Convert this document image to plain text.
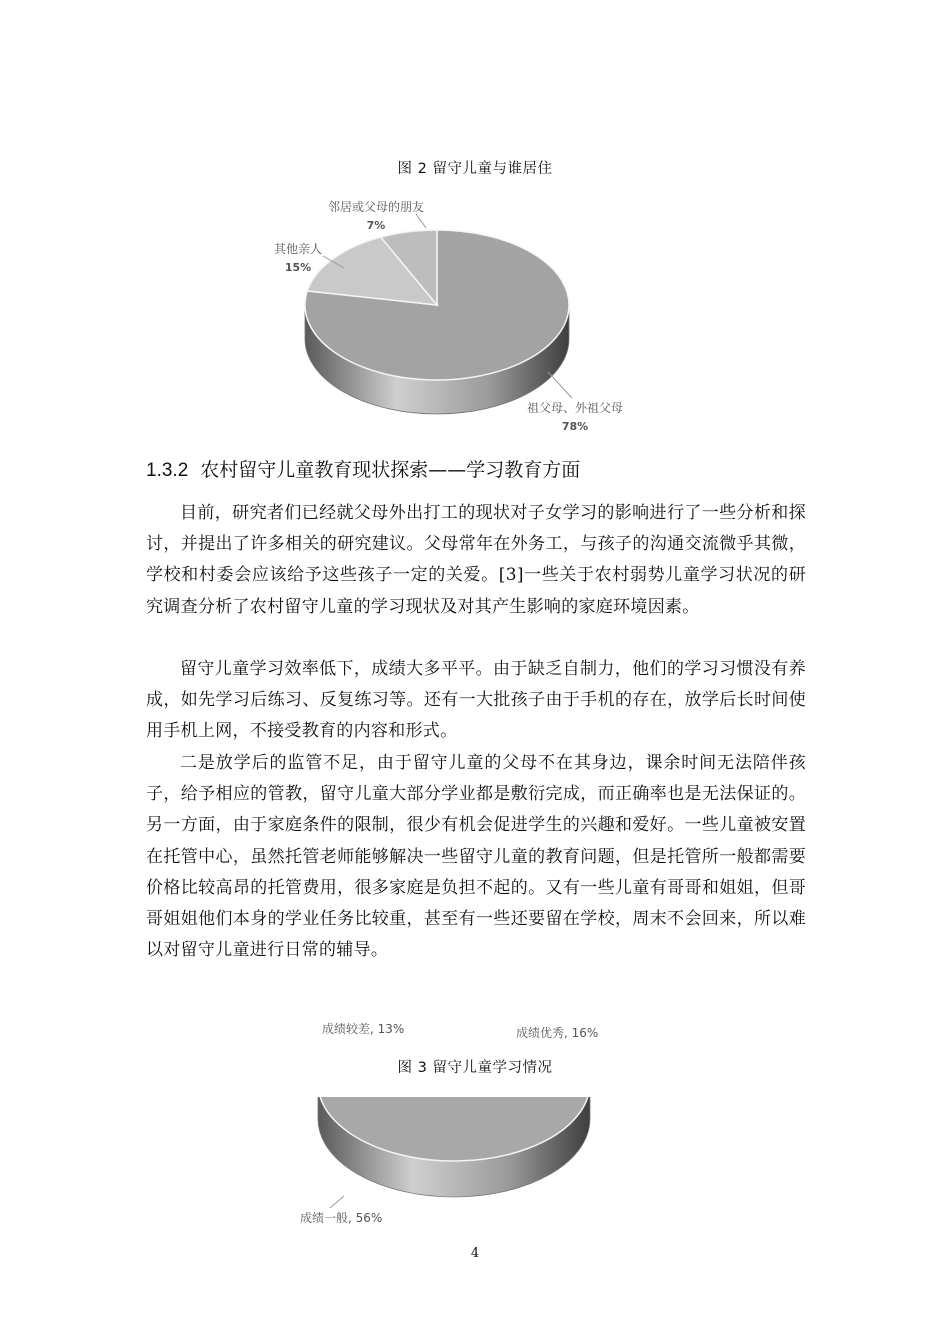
图 2 留守儿童与谁居住
邻居或父母的朋友
7%
其他亲人
15%
祖父母、外祖父母
78%
成绩较差, 13%	成绩优秀, 16%
成绩一般, 56%
1.3.2 农村留守儿童教育现状探索——学习教育方面

目前，研究者们已经就父母外出打工的现状对子女学习的影响进行了一些分析和探讨，并提出了许多相关的研究建议。父母常年在外务工，与孩子的沟通交流微乎其微，学校和村委会应该给予这些孩子一定的关爱。[3]一些关于农村弱势儿童学习状况的研究调查分析了农村留守儿童的学习现状及对其产生影响的家庭环境因素。

留守儿童学习效率低下，成绩大多平平。由于缺乏自制力，他们的学习习惯没有养成，如先学习后练习、反复练习等。还有一大批孩子由于手机的存在，放学后长时间使用手机上网，不接受教育的内容和形式。

二是放学后的监管不足，由于留守儿童的父母不在其身边，课余时间无法陪伴孩子，给予相应的管教，留守儿童大部分学业都是敷衍完成，而正确率也是无法保证的。另一方面，由于家庭条件的限制，很少有机会促进学生的兴趣和爱好。一些儿童被安置在托管中心，虽然托管老师能够解决一些留守儿童的教育问题，但是托管所一般都需要价格比较高昂的托管费用，很多家庭是负担不起的。又有一些儿童有哥哥和姐姐，但哥哥姐姐他们本身的学业任务比较重，甚至有一些还要留在学校，周末不会回来，所以难以对留守儿童进行日常的辅导。

图 3 留守儿童学习情况
4
